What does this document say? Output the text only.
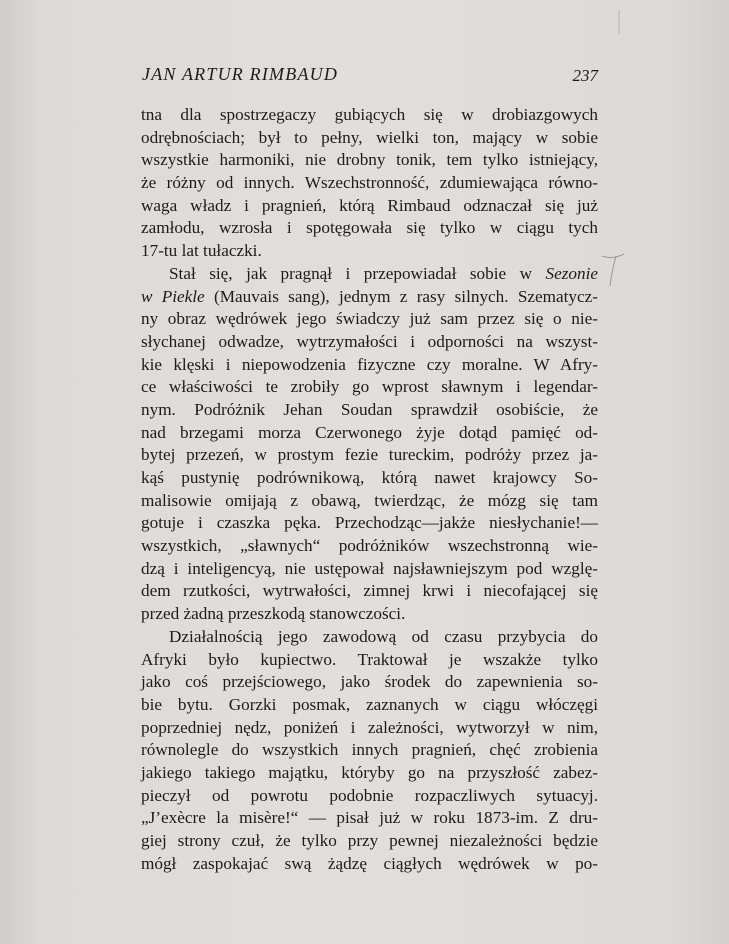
JAN ARTUR RIMBAUD	237
tna dla spostrzegaczy gubiących się w drobiazgowych
odrębnościach; był to pełny, wielki ton, mający w sobie
wszystkie harmoniki, nie drobny tonik, tem tylko istniejący,
że różny od innych. Wszechstronność, zdumiewająca równo-
waga władz i pragnień, którą Rimbaud odznaczał się już
zamłodu, wzrosła i spotęgowała się tylko w ciągu tych
17-tu lat tułaczki.
Stał się, jak pragnął i przepowiadał sobie w Sezonie
w Piekle (Mauvais sang), jednym z rasy silnych. Szematycz-
ny obraz wędrówek jego świadczy już sam przez się o nie-
słychanej odwadze, wytrzymałości i odporności na wszyst-
kie klęski i niepowodzenia fizyczne czy moralne. W Afry-
ce właściwości te zrobiły go wprost sławnym i legendar-
nym. Podróżnik Jehan Soudan sprawdził osobiście, że
nad brzegami morza Czerwonego żyje dotąd pamięć od-
bytej przezeń, w prostym fezie tureckim, podróży przez ja-
kąś pustynię podrównikową, którą nawet krajowcy So-
malisowie omijają z obawą, twierdząc, że mózg się tam
gotuje i czaszka pęka. Przechodząc—jakże niesłychanie!—
wszystkich, „sławnych“ podróżników wszechstronną wie-
dzą i inteligencyą, nie ustępował najsławniejszym pod wzglę-
dem rzutkości, wytrwałości, zimnej krwi i niecofającej się
przed żadną przeszkodą stanowczości.
Działalnością jego zawodową od czasu przybycia do
Afryki było kupiectwo. Traktował je wszakże tylko
jako coś przejściowego, jako środek do zapewnienia so-
bie bytu. Gorzki posmak, zaznanych w ciągu włóczęgi
poprzedniej nędz, poniżeń i zależności, wytworzył w nim,
równolegle do wszystkich innych pragnień, chęć zrobienia
jakiego takiego majątku, któryby go na przyszłość zabez-
pieczył od powrotu podobnie rozpaczliwych sytuacyj.
„J’exècre la misère!“ — pisał już w roku 1873-im. Z dru-
giej strony czuł, że tylko przy pewnej niezależności będzie
mógł zaspokajać swą żądzę ciągłych wędrówek w po-
